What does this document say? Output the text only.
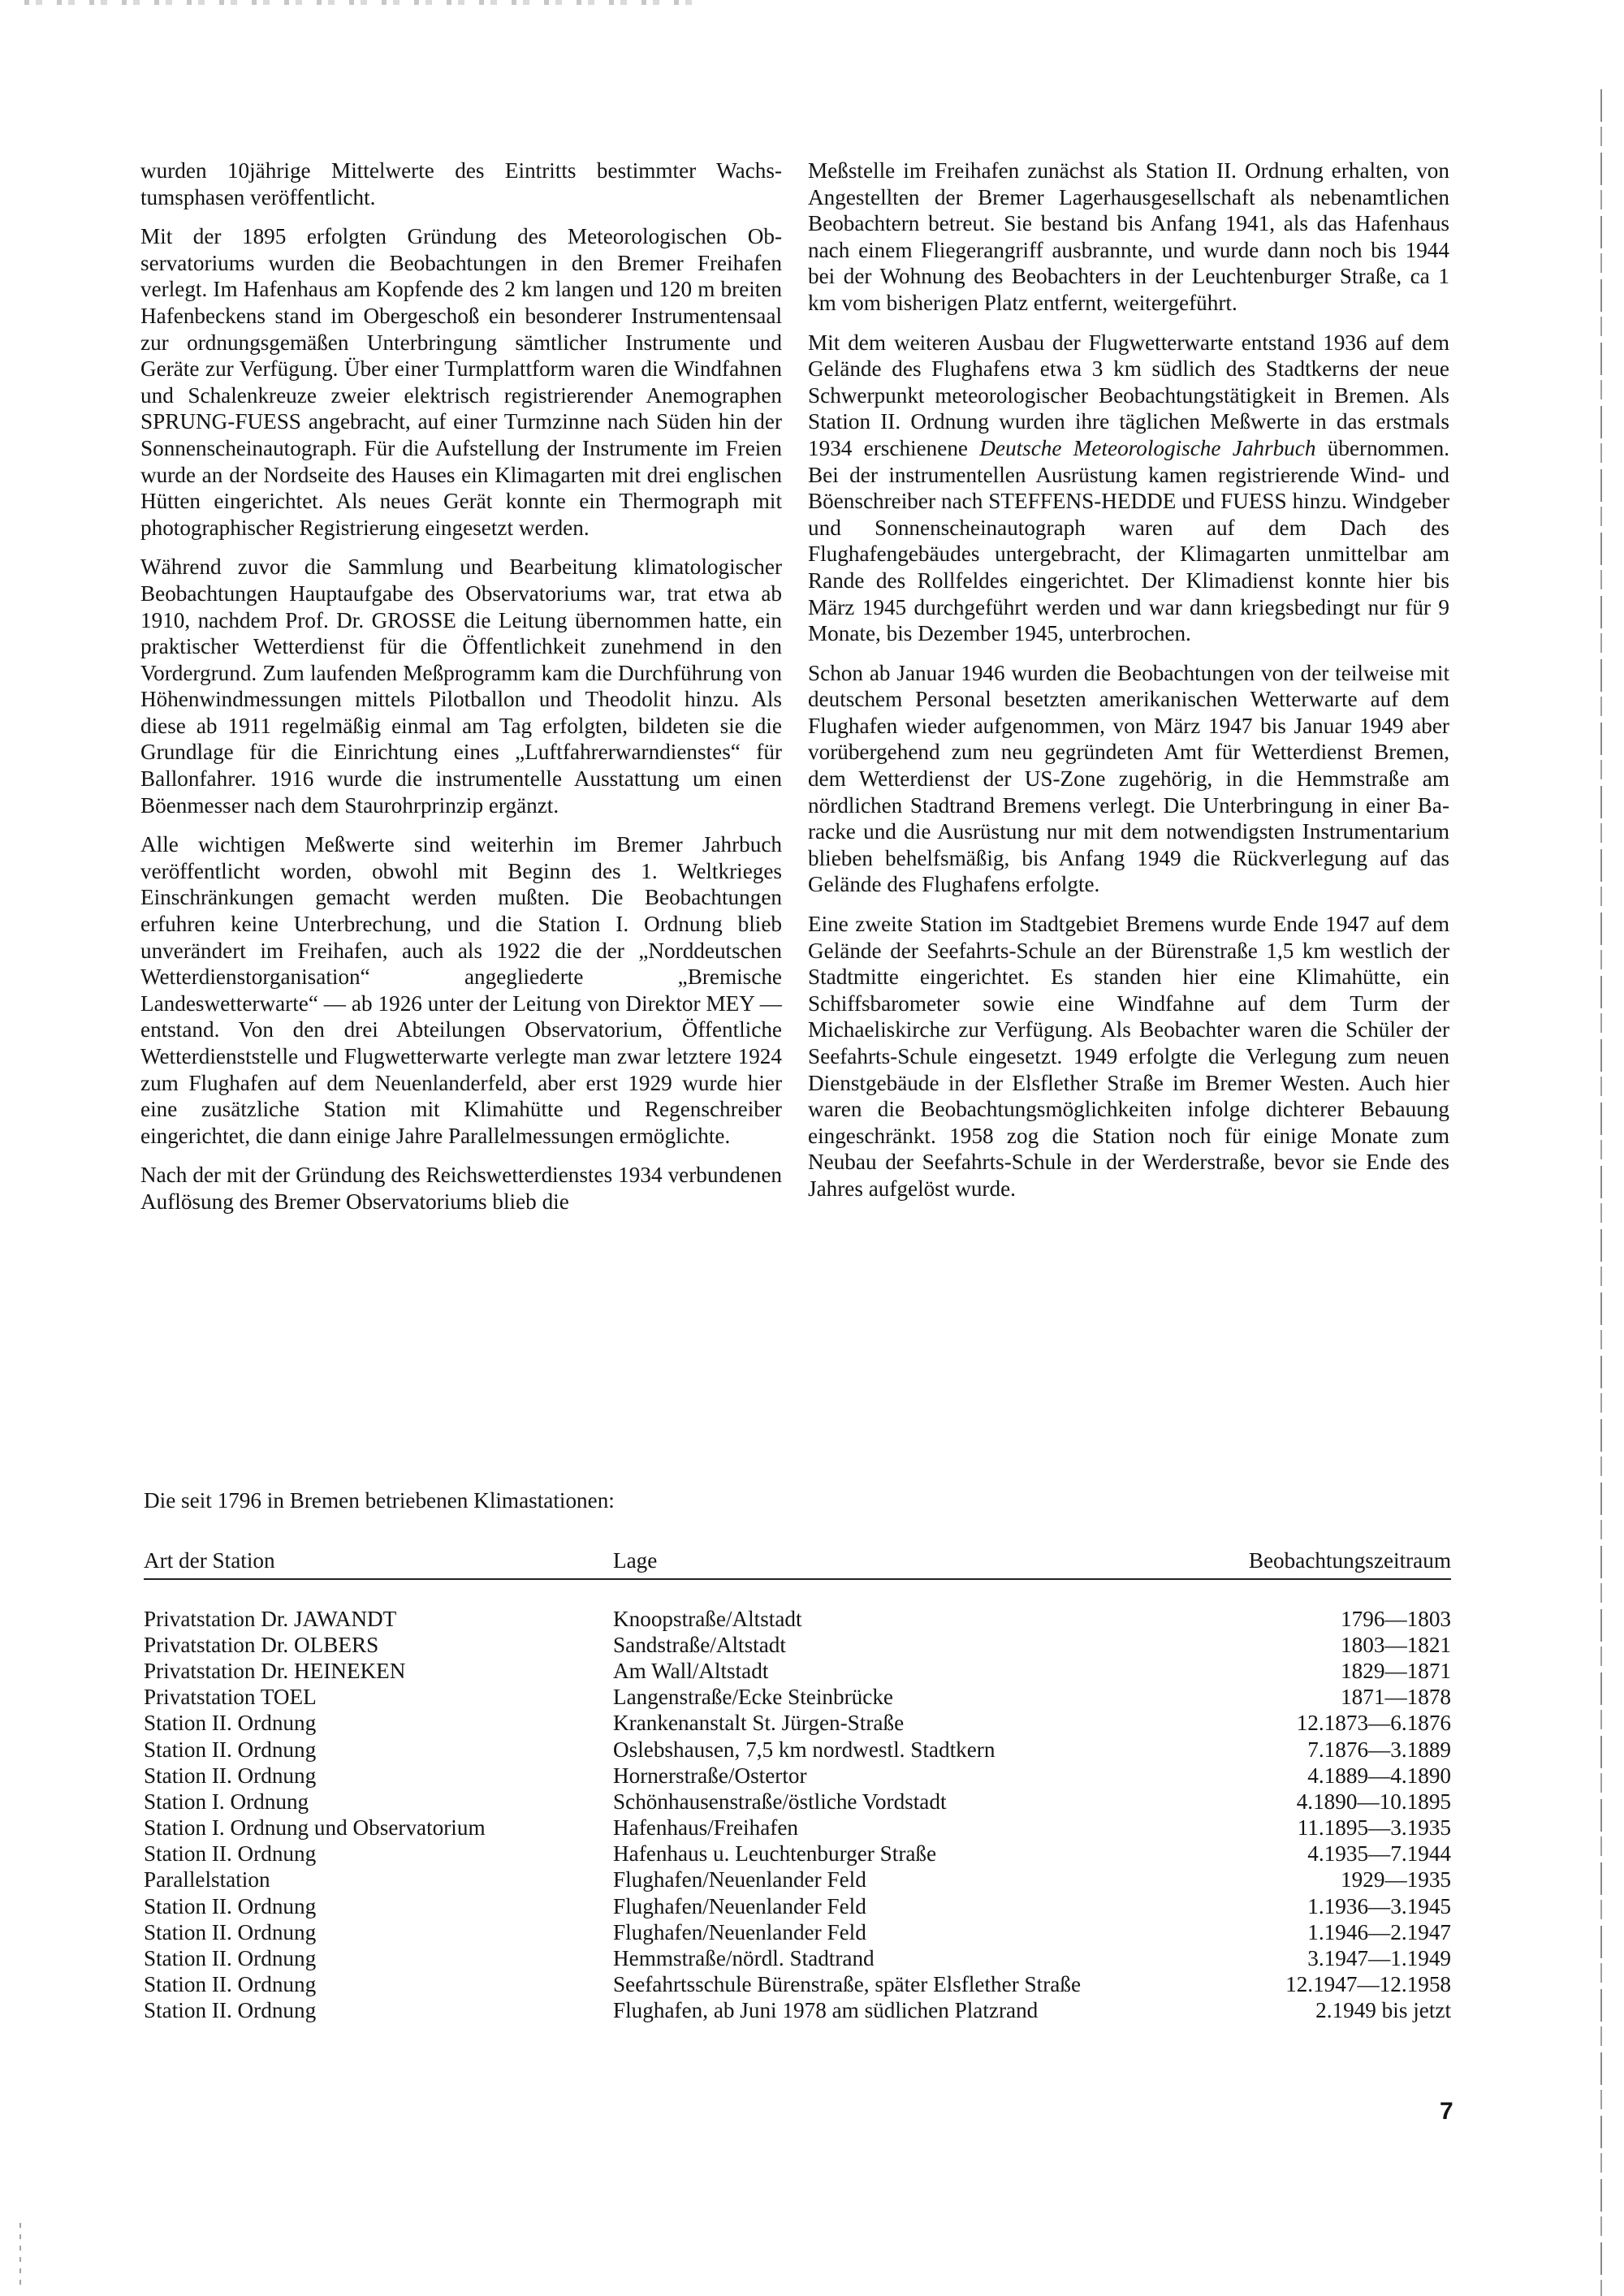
wurden 10jährige Mittelwerte des Eintritts bestimmter Wachstumsphasen veröffentlicht.

Mit der 1895 erfolgten Gründung des Meteorologischen Observatoriums wurden die Beobachtungen in den Bremer Freihafen verlegt. Im Hafenhaus am Kopfende des 2 km langen und 120 m breiten Hafenbeckens stand im Obergeschoß ein besonderer Instrumentensaal zur ordnungsgemäßen Unterbringung sämtlicher Instrumente und Geräte zur Verfügung. Über einer Turmplattform waren die Windfahnen und Schalenkreuze zweier elektrisch registrierender Anemographen SPRUNG-FUESS angebracht, auf einer Turmzinne nach Süden hin der Sonnenscheinautograph. Für die Aufstellung der Instrumente im Freien wurde an der Nordseite des Hauses ein Klimagarten mit drei englischen Hütten eingerichtet. Als neues Gerät konnte ein Thermograph mit photographischer Registrierung eingesetzt werden.

Während zuvor die Sammlung und Bearbeitung klimatologischer Beobachtungen Hauptaufgabe des Observatoriums war, trat etwa ab 1910, nachdem Prof. Dr. GROSSE die Leitung übernommen hatte, ein praktischer Wetterdienst für die Öffentlichkeit zunehmend in den Vordergrund. Zum laufenden Meßprogramm kam die Durchführung von Höhenwindmessungen mittels Pilotballon und Theodolit hinzu. Als diese ab 1911 regelmäßig einmal am Tag erfolgten, bildeten sie die Grundlage für die Einrichtung eines „Luftfahrerwarndienstes“ für Ballonfahrer. 1916 wurde die instrumentelle Ausstattung um einen Böenmesser nach dem Staurohrprinzip ergänzt.

Alle wichtigen Meßwerte sind weiterhin im Bremer Jahrbuch veröffentlicht worden, obwohl mit Beginn des 1. Weltkrieges Einschränkungen gemacht werden mußten. Die Beobachtungen erfuhren keine Unterbrechung, und die Station I. Ordnung blieb unverändert im Freihafen, auch als 1922 die der „Norddeutschen Wetterdienstorganisation“ angegliederte „Bremische Landeswetterwarte“ — ab 1926 unter der Leitung von Direktor MEY — entstand. Von den drei Abteilungen Observatorium, Öffentliche Wetterdienststelle und Flugwetterwarte verlegte man zwar letztere 1924 zum Flughafen auf dem Neuenlanderfeld, aber erst 1929 wurde hier eine zusätzliche Station mit Klimahütte und Regenschreiber eingerichtet, die dann einige Jahre Parallelmessungen ermöglichte.

Nach der mit der Gründung des Reichswetterdienstes 1934 verbundenen Auflösung des Bremer Observatoriums blieb die

Meßstelle im Freihafen zunächst als Station II. Ordnung erhalten, von Angestellten der Bremer Lagerhausgesellschaft als nebenamtlichen Beobachtern betreut. Sie bestand bis Anfang 1941, als das Hafenhaus nach einem Fliegerangriff ausbrannte, und wurde dann noch bis 1944 bei der Wohnung des Beobachters in der Leuchtenburger Straße, ca 1 km vom bisherigen Platz entfernt, weitergeführt.

Mit dem weiteren Ausbau der Flugwetterwarte entstand 1936 auf dem Gelände des Flughafens etwa 3 km südlich des Stadtkerns der neue Schwerpunkt meteorologischer Beobachtungstätigkeit in Bremen. Als Station II. Ordnung wurden ihre täglichen Meßwerte in das erstmals 1934 erschienene Deutsche Meteorologische Jahrbuch übernommen. Bei der instrumentellen Ausrüstung kamen registrierende Wind- und Böenschreiber nach STEFFENS-HEDDE und FUESS hinzu. Windgeber und Sonnenscheinautograph waren auf dem Dach des Flughafengebäudes untergebracht, der Klimagarten unmittelbar am Rande des Rollfeldes eingerichtet. Der Klimadienst konnte hier bis März 1945 durchgeführt werden und war dann kriegsbedingt nur für 9 Monate, bis Dezember 1945, unterbrochen.

Schon ab Januar 1946 wurden die Beobachtungen von der teilweise mit deutschem Personal besetzten amerikanischen Wetterwarte auf dem Flughafen wieder aufgenommen, von März 1947 bis Januar 1949 aber vorübergehend zum neu gegründeten Amt für Wetterdienst Bremen, dem Wetterdienst der US-Zone zugehörig, in die Hemmstraße am nördlichen Stadtrand Bremens verlegt. Die Unterbringung in einer Baracke und die Ausrüstung nur mit dem notwendigsten Instrumentarium blieben behelfsmäßig, bis Anfang 1949 die Rückverlegung auf das Gelände des Flughafens erfolgte.

Eine zweite Station im Stadtgebiet Bremens wurde Ende 1947 auf dem Gelände der Seefahrts-Schule an der Bürenstraße 1,5 km westlich der Stadtmitte eingerichtet. Es standen hier eine Klimahütte, ein Schiffsbarometer sowie eine Windfahne auf dem Turm der Michaeliskirche zur Verfügung. Als Beobachter waren die Schüler der Seefahrts-Schule eingesetzt. 1949 erfolgte die Verlegung zum neuen Dienstgebäude in der Elsflether Straße im Bremer Westen. Auch hier waren die Beobachtungsmöglichkeiten infolge dichterer Bebauung eingeschränkt. 1958 zog die Station noch für einige Monate zum Neubau der Seefahrts-Schule in der Werderstraße, bevor sie Ende des Jahres aufgelöst wurde.

Die seit 1796 in Bremen betriebenen Klimastationen:
Art der Station	Lage	Beobachtungszeitraum
Privatstation Dr. JAWANDT	Knoopstraße/Altstadt	1796—1803
Privatstation Dr. OLBERS	Sandstraße/Altstadt	1803—1821
Privatstation Dr. HEINEKEN	Am Wall/Altstadt	1829—1871
Privatstation TOEL	Langenstraße/Ecke Steinbrücke	1871—1878
Station II. Ordnung	Krankenanstalt St. Jürgen-Straße	12.1873—6.1876
Station II. Ordnung	Oslebshausen, 7,5 km nordwestl. Stadtkern	7.1876—3.1889
Station II. Ordnung	Hornerstraße/Ostertor	4.1889—4.1890
Station I. Ordnung	Schönhausenstraße/östliche Vordstadt	4.1890—10.1895
Station I. Ordnung und Observatorium	Hafenhaus/Freihafen	11.1895—3.1935
Station II. Ordnung	Hafenhaus u. Leuchtenburger Straße	4.1935—7.1944
Parallelstation	Flughafen/Neuenlander Feld	1929—1935
Station II. Ordnung	Flughafen/Neuenlander Feld	1.1936—3.1945
Station II. Ordnung	Flughafen/Neuenlander Feld	1.1946—2.1947
Station II. Ordnung	Hemmstraße/nördl. Stadtrand	3.1947—1.1949
Station II. Ordnung	Seefahrtsschule Bürenstraße, später Elsflether Straße	12.1947—12.1958
Station II. Ordnung	Flughafen, ab Juni 1978 am südlichen Platzrand	2.1949 bis jetzt
7
